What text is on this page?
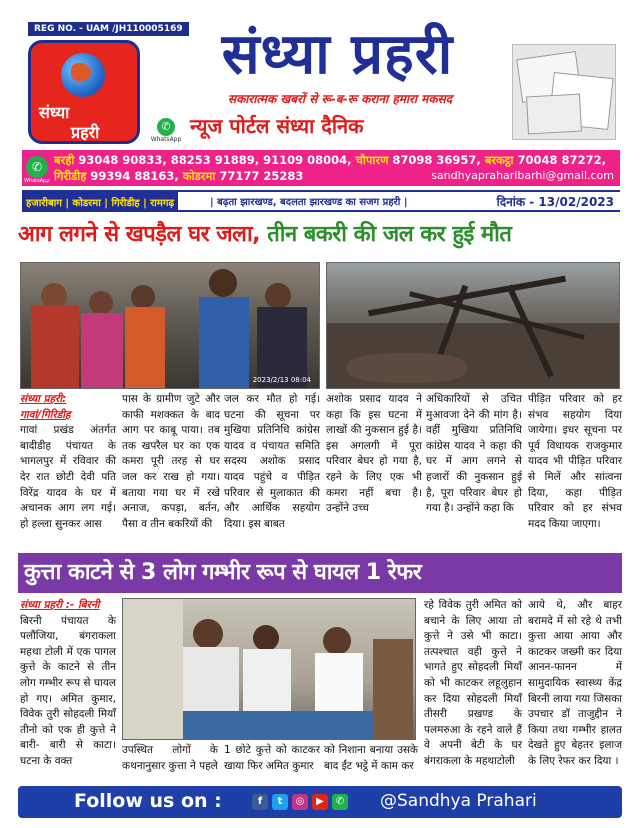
REG NO. - UAM /JH110005169
संध्या
प्रहरी
संध्या प्रहरी
सकारात्मक खबरों से रू-ब-रू कराना हमारा मकसद
✆
WhatsApp
न्यूज पोर्टल संध्या दैनिक
✆
WhatsApp
बरही 93048 90833, 88253 91889, 91109 08004, चौपारण 87098 36957, बरकट्ठा 70048 87272,
गिरीडीह 99394 88163, कोडरमा 77177 25283	sandhyapraharibarhi@gmail.com
हजारीबाग | कोडरमा | गिरीडीह | रामगढ़	| बढ़ता झारखण्ड, बदलता झारखण्ड का सजग प्रहरी |	दिनांक - 13/02/2023
आग लगने से खपड़ैल घर जला, तीन बकरी की जल कर हुई मौत
2023/2/13 08:04
संध्या प्रहरी:
गावां/गिरिडीह
गावां प्रखंड अंतर्गत बादीडीह पंचायत के भागलपुर में रविवार की देर रात छोटी देवी पति विरेंद्र यादव के घर में अचानक आग लग गई। हो हल्ला सुनकर आस
पास के ग्रामीण जुटे और काफी मशक्कत के बाद आग पर काबू पाया। तब तक खपरैल घर का एक कमरा पूरी तरह से घर जल कर राख हो गया। बताया गया घर में रखे अनाज, कपड़ा, बर्तन, पैसा व तीन बकरियों की
जल कर मौत हो गई। घटना की सूचना पर मुखिया प्रतिनिधि कांग्रेस यादव व पंचायत समिति सदस्य अशोक प्रसाद यादव पहुंचे व पीड़ित परिवार से मुलाकात की और आर्थिक सहयोग दिया। इस बाबत
अशोक प्रसाद यादव ने कहा कि इस घटना में लाखों की नुकसान हुई है। इस अगलगी में पूरा परिवार बेघर हो गया है, रहने के लिए एक भी कमरा नहीं बचा है। उन्होंने उच्च
अधिकारियों से उचित मुआवजा देने की मांग है। वहीं मुखिया प्रतिनिधि कांग्रेस यादव ने कहा की घर में आग लगने से हजारों की नुकसान हुई है, पूरा परिवार बेघर हो गया है। उन्होंने कहा कि
पीड़ित परिवार को हर संभव सहयोग दिया जायेगा। इधर सूचना पर पूर्व विधायक राजकुमार यादव भी पीड़ित परिवार से मिलें और सांत्वना दिया, कहा पीड़ित परिवार को हर संभव मदद किया जाएगा।
कुत्ता काटने से 3 लोग गम्भीर रूप से घायल 1 रेफर
संध्या प्रहरी :- बिरनी
बिरनी पंचायत के पलौंजिया, बंगराकला महथा टोली में एक पागल कुत्ते के काटने से तीन लोग गम्भीर रूप से घायल हो गए। अमित कुमार, विवेक तुरी सोहदली मियाँ तीनो को एक ही कुत्ते ने बारी- बारी से काटा। घटना के वक्त
उपस्थित लोगों के कथनानुसार कुत्ता ने पहले
1 छोटे कुत्ते को काटकर खाया फिर अमित कुमार
को निशाना बनाया उसके बाद ईंट भट्ठे में काम कर
रहे विवेक तुरी अमित को बचाने के लिए आया तो कुत्ते ने उसे भी काटा। तत्पश्चात वही कुत्ते ने भागते हुए सोहदली मियाँ को भी काटकर लहूलुहान कर दिया सोहदली मियाँ तीसरी प्रखण्ड के पलमरुआ के रहने वाले हैं वे अपनी बेटी के घर बंगराकला के महथाटोली
आये थे, और बाहर बरामदे में सो रहे थे तभी कुत्ता आया आया और काटकर जख्मी कर दिया आनन-फानन में सामुदायिक स्वास्थ्य केंद्र बिरनी लाया गया जिसका उपचार डॉ ताजुद्दीन ने किया तथा गम्भीर हालत देखते हुए बेहतर इलाज के लिए रेफर कर दिया ।
Follow us on :	f	t	◎	▶	✆ @Sandhya Prahari
